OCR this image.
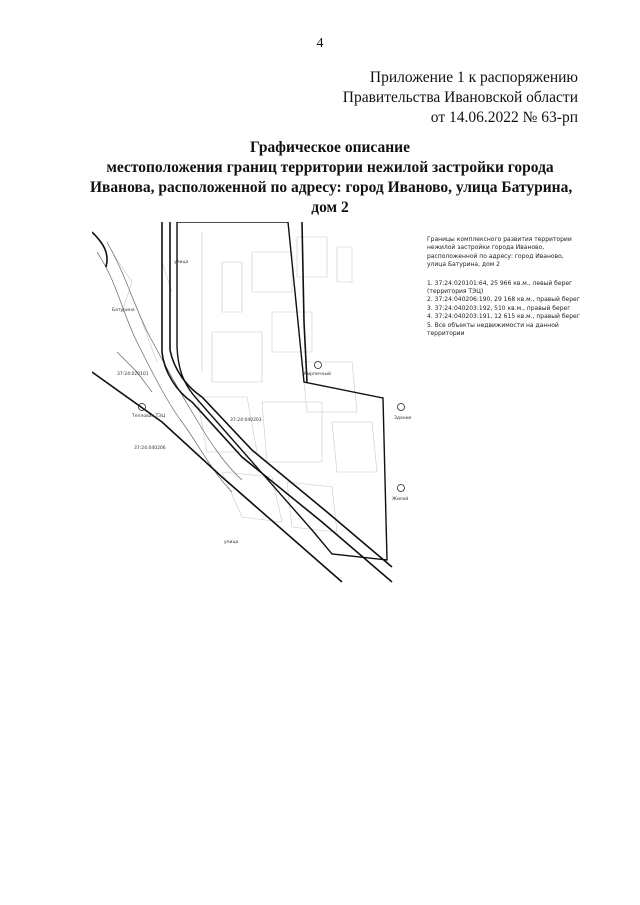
4
Приложение 1 к распоряжению
Правительства Ивановской области
от 14.06.2022 № 63-рп
Графическое описание
местоположения границ территории нежилой застройки города
Иванова, расположенной по адресу: город Иваново, улица Батурина,
дом 2
улица
Батурина
37:24:020101
Тепловая ТЭЦ
37:24:040206
Кирпичный
37:24:040203	Здание
Жилой
улица
Границы комплексного развития территории нежилой застройки города Иваново, расположенной по адресу: город Иваново, улица Батурина, дом 2
1. 37:24:020101:64, 25 966 кв.м., левый берег
(территория ТЭЦ)
2. 37:24:040206:190, 29 168 кв.м., правый берег
3. 37:24:040203:192, 510 кв.м., правый берег
4. 37:24:040203:191, 12 615 кв.м., правый берег
5. Все объекты недвижимости на данной
территории
